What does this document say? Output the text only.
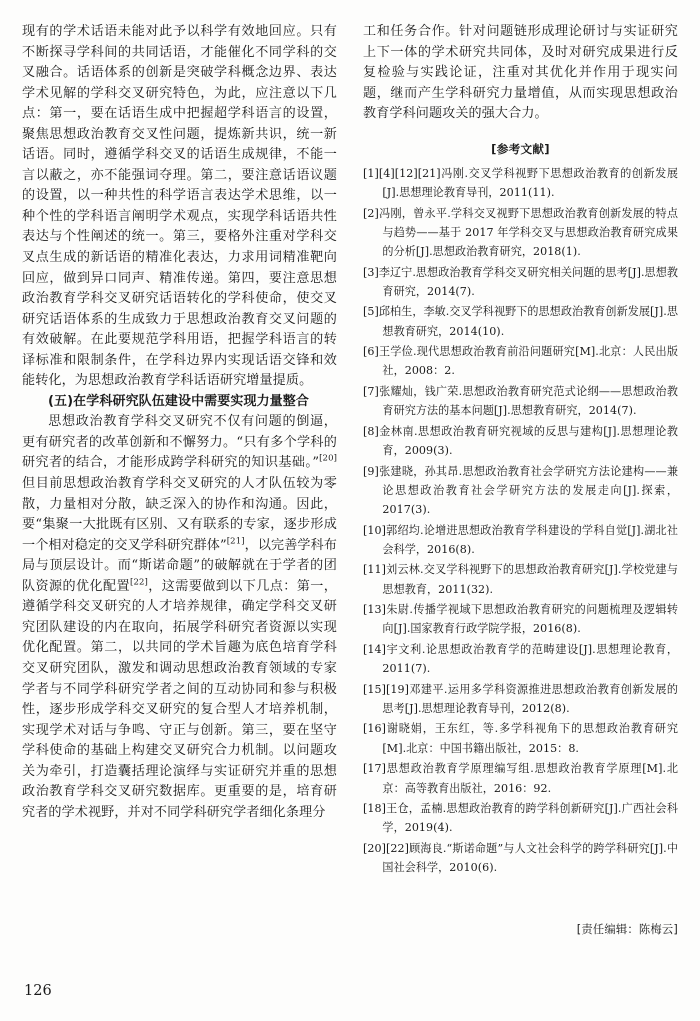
现有的学术话语未能对此予以科学有效地回应。只有不断探寻学科间的共同话语，才能催化不同学科的交叉融合。话语体系的创新是突破学科概念边界、表达学术见解的学科交叉研究特色，为此，应注意以下几点：第一，要在话语生成中把握超学科语言的设置，聚焦思想政治教育交叉性问题，提炼新共识，统一新话语。同时，遵循学科交叉的话语生成规律，不能一言以蔽之，亦不能强词夺理。第二，要注意话语议题的设置，以一种共性的科学语言表达学术思维，以一种个性的学科语言阐明学术观点，实现学科话语共性表达与个性阐述的统一。第三，要格外注重对学科交叉点生成的新话语的精准化表达，力求用词精准靶向回应，做到异口同声、精准传递。第四，要注意思想政治教育学科交叉研究话语转化的学科使命，使交叉研究话语体系的生成致力于思想政治教育交叉问题的有效破解。在此要规范学科用语，把握学科语言的转译标准和限制条件，在学科边界内实现话语交锋和效能转化，为思想政治教育学科话语研究增量提质。

(五)在学科研究队伍建设中需要实现力量整合

思想政治教育学科交叉研究不仅有问题的倒逼，更有研究者的改革创新和不懈努力。“只有多个学科的研究者的结合，才能形成跨学科研究的知识基础。”[20]但目前思想政治教育学科交叉研究的人才队伍较为零散，力量相对分散，缺乏深入的协作和沟通。因此，要“集聚一大批既有区别、又有联系的专家，逐步形成一个相对稳定的交叉学科研究群体”[21]，以完善学科布局与顶层设计。而“斯诺命题”的破解就在于学者的团队资源的优化配置[22]，这需要做到以下几点：第一，遵循学科交叉研究的人才培养规律，确定学科交叉研究团队建设的内在取向，拓展学科研究者资源以实现优化配置。第二，以共同的学术旨趣为底色培育学科交叉研究团队，激发和调动思想政治教育领域的专家学者与不同学科研究学者之间的互动协同和参与积极性，逐步形成学科交叉研究的复合型人才培养机制，实现学术对话与争鸣、守正与创新。第三，要在坚守学科使命的基础上构建交叉研究合力机制。以问题攻关为牵引，打造囊括理论演绎与实证研究并重的思想政治教育学科交叉研究数据库。更重要的是，培育研究者的学术视野，并对不同学科研究学者细化条理分

工和任务合作。针对问题链形成理论研讨与实证研究上下一体的学术研究共同体，及时对研究成果进行反复检验与实践论证，注重对其优化并作用于现实问题，继而产生学科研究力量增值，从而实现思想政治教育学科问题攻关的强大合力。

[参考文献]
[1][4][12][21]冯刚.交叉学科视野下思想政治教育的创新发展[J].思想理论教育导刊，2011(11).
[2]冯刚，曾永平.学科交叉视野下思想政治教育创新发展的特点与趋势——基于 2017 年学科交叉与思想政治教育研究成果的分析[J].思想政治教育研究，2018(1).
[3]李辽宁.思想政治教育学科交叉研究相关问题的思考[J].思想教育研究，2014(7).
[5]邱柏生，李敏.交叉学科视野下的思想政治教育创新发展[J].思想教育研究，2014(10).
[6]王学俭.现代思想政治教育前沿问题研究[M].北京：人民出版社，2008：2.
[7]张耀灿，钱广荣.思想政治教育研究范式论纲——思想政治教育研究方法的基本问题[J].思想教育研究，2014(7).
[8]金林南.思想政治教育研究视域的反思与建构[J].思想理论教育，2009(3).
[9]张建晓，孙其昂.思想政治教育社会学研究方法论建构——兼论思想政治教育社会学研究方法的发展走向[J].探索，2017(3).
[10]郭绍均.论增进思想政治教育学科建设的学科自觉[J].湖北社会科学，2016(8).
[11]刘云林.交叉学科视野下的思想政治教育研究[J].学校党建与思想教育，2011(32).
[13]朱尉.传播学视域下思想政治教育研究的问题梳理及逻辑转向[J].国家教育行政学院学报，2016(8).
[14]宇文利.论思想政治教育学的范畴建设[J].思想理论教育，2011(7).
[15][19]邓建平.运用多学科资源推进思想政治教育创新发展的思考[J].思想理论教育导刊，2012(8).
[16]谢晓娟，王东红，等.多学科视角下的思想政治教育研究[M].北京：中国书籍出版社，2015：8.
[17]思想政治教育学原理编写组.思想政治教育学原理[M].北京：高等教育出版社，2016：92.
[18]王仓，孟楠.思想政治教育的跨学科创新研究[J].广西社会科学，2019(4).
[20][22]顾海良.“斯诺命题”与人文社会科学的跨学科研究[J].中国社会科学，2010(6).
[责任编辑：陈梅云]
126
